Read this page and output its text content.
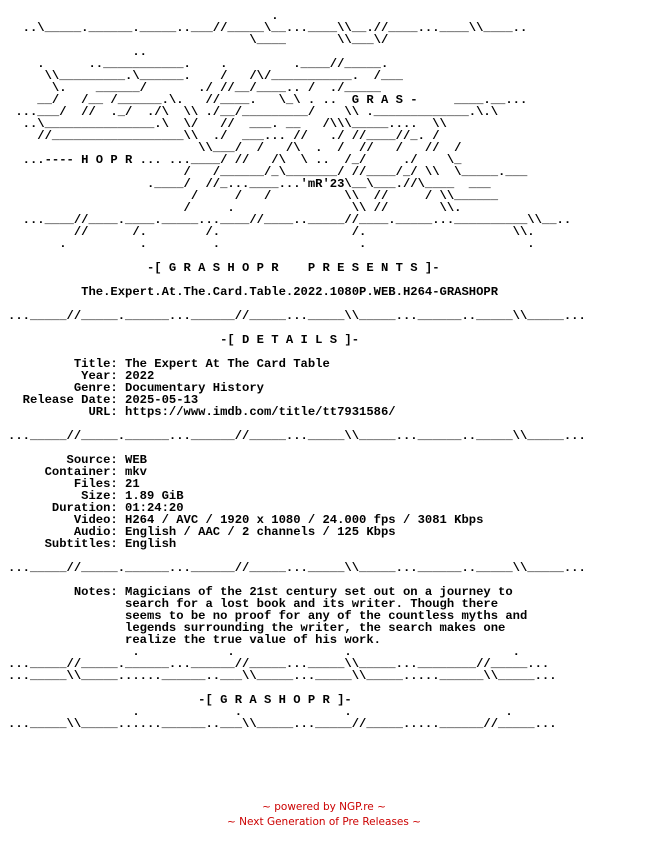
.
..\_____.______._____..___//_____\__...____\\__.//____...____\\____..
\____       \\___\/
..
.      ..___________.    .         .____//_____.
\\_________.\______.    /   /\/___________.  /___
\.    ______/       ./ //__/____.. /  ./_____
__/   /__ /______.\.   //____.   \_\ . ..  G R A S -     ____.__...
...___/  //  ._/  ./\  \\ ./__/_________/    \\ ._____________.\.\
..\_______________.\  \/   //  ___. __   /\\\_____....  \\
//__________________\\  ./  ___... //   ./ //____//_. /
\\___/  /   /\  .  /  //   /   //  /
...---- H O P R ... ...____/ //   /\  \ ..  /_/     ./    \_
/   /______/_\_______/ //____/_/ \\  \_____.___
.____/  //_...____...'mR'23\__\___.//\____  ___
/     /   /          \\  //     / \\______
/     .                \\ //       \\.
...____//____.____._____...____//____.._____//____._____...__________\\__..
//      /.        /.                  /.                    \\.
.          .         .                   .                      .

-[ G R A S H O P R    P R E S E N T S ]-

The.Expert.At.The.Card.Table.2022.1080P.WEB.H264-GRASHOPR

..._____//_____.______...______//_____..._____\\_____...______.._____\\_____...

-[ D E T A I L S ]-

Title: The Expert At The Card Table
Year: 2022
Genre: Documentary History
Release Date: 2025-05-13
URL: https://www.imdb.com/title/tt7931586/

..._____//_____.______...______//_____..._____\\_____...______.._____\\_____...

Source: WEB
Container: mkv
Files: 21
Size: 1.89 GiB
Duration: 01:24:20
Video: H264 / AVC / 1920 x 1080 / 24.000 fps / 3081 Kbps
Audio: English / AAC / 2 channels / 125 Kbps
Subtitles: English

..._____//_____.______...______//_____..._____\\_____...______.._____\\_____...

Notes: Magicians of the 21st century set out on a journey to
search for a lost book and its writer. Though there
seems to be no proof for any of the countless myths and
legends surrounding the writer, the search makes one
realize the true value of his work.
.            .               .                      .
..._____//_____.______...______//_____..._____\\_____...________//_____...
..._____\\_____......______..___\\_____..._____\\_____.....______\\_____...

-[ G R A S H O P R ]-
.             .              .                     .
..._____\\_____......______..___\\_____..._____//_____.....______//_____...

~ powered by NGP.re ~
~ Next Generation of Pre Releases ~
